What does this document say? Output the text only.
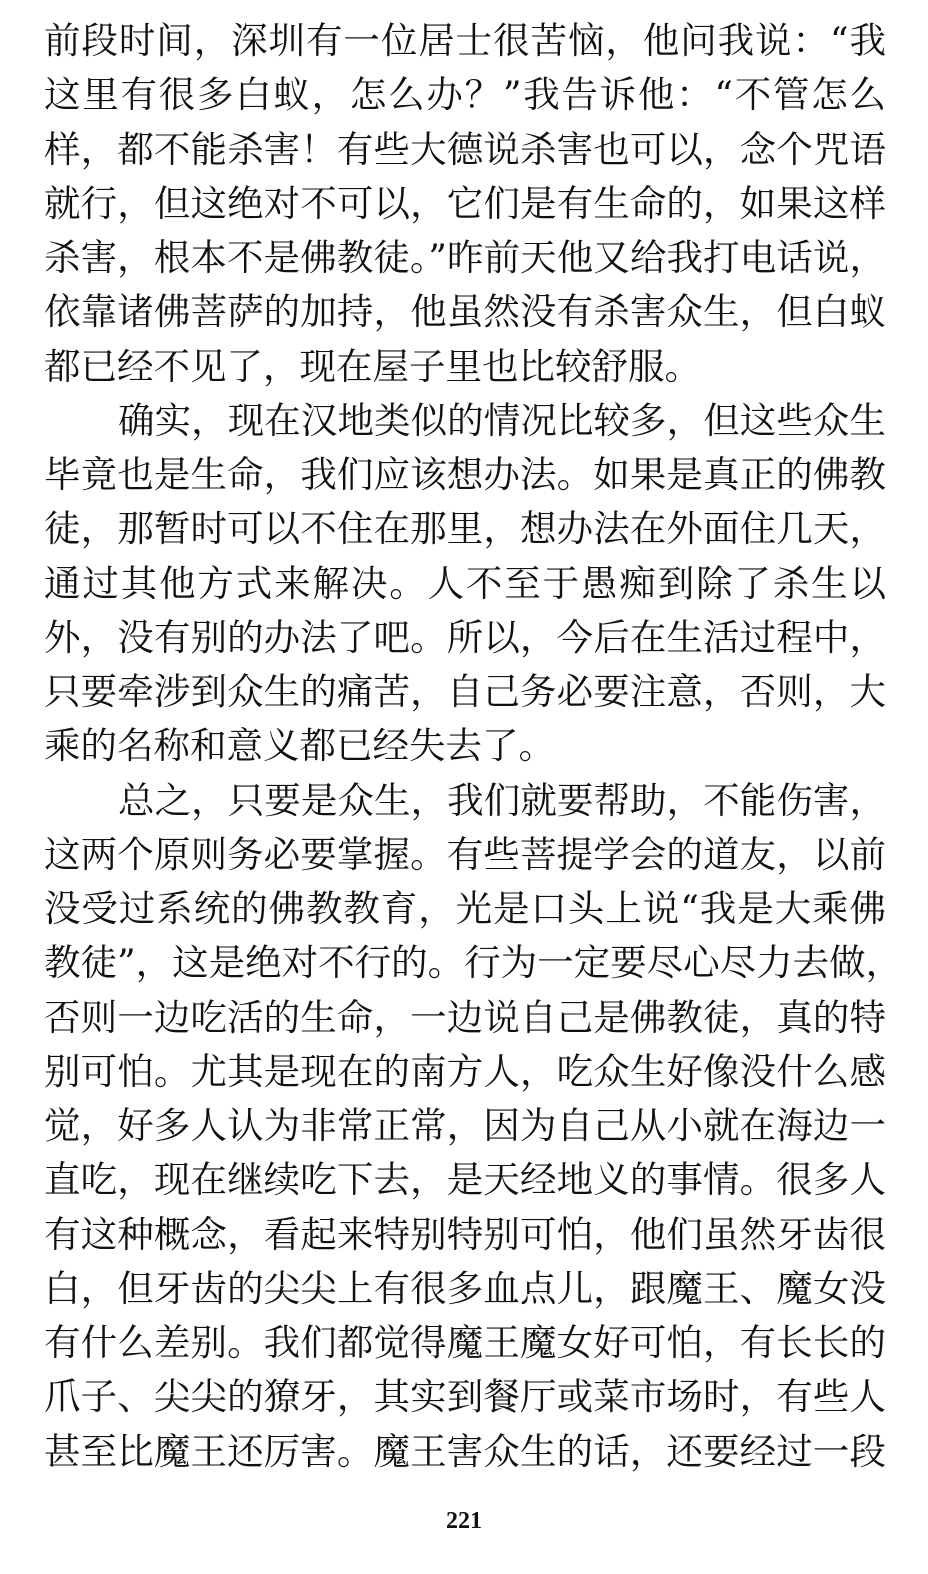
前段时间，深圳有一位居士很苦恼，他问我说：“我
这里有很多白蚁，怎么办？”我告诉他：“不管怎么
样，都不能杀害！有些大德说杀害也可以，念个咒语
就行，但这绝对不可以，它们是有生命的，如果这样
杀害，根本不是佛教徒。”昨前天他又给我打电话说，
依靠诸佛菩萨的加持，他虽然没有杀害众生，但白蚁
都已经不见了，现在屋子里也比较舒服。
确实，现在汉地类似的情况比较多，但这些众生
毕竟也是生命，我们应该想办法。如果是真正的佛教
徒，那暂时可以不住在那里，想办法在外面住几天，
通过其他方式来解决。人不至于愚痴到除了杀生以
外，没有别的办法了吧。所以，今后在生活过程中，
只要牵涉到众生的痛苦，自己务必要注意，否则，大
乘的名称和意义都已经失去了。
总之，只要是众生，我们就要帮助，不能伤害，
这两个原则务必要掌握。有些菩提学会的道友，以前
没受过系统的佛教教育，光是口头上说“我是大乘佛
教徒”，这是绝对不行的。行为一定要尽心尽力去做，
否则一边吃活的生命，一边说自己是佛教徒，真的特
别可怕。尤其是现在的南方人，吃众生好像没什么感
觉，好多人认为非常正常，因为自己从小就在海边一
直吃，现在继续吃下去，是天经地义的事情。很多人
有这种概念，看起来特别特别可怕，他们虽然牙齿很
白，但牙齿的尖尖上有很多血点儿，跟魔王、魔女没
有什么差别。我们都觉得魔王魔女好可怕，有长长的
爪子、尖尖的獠牙，其实到餐厅或菜市场时，有些人
甚至比魔王还厉害。魔王害众生的话，还要经过一段
221
